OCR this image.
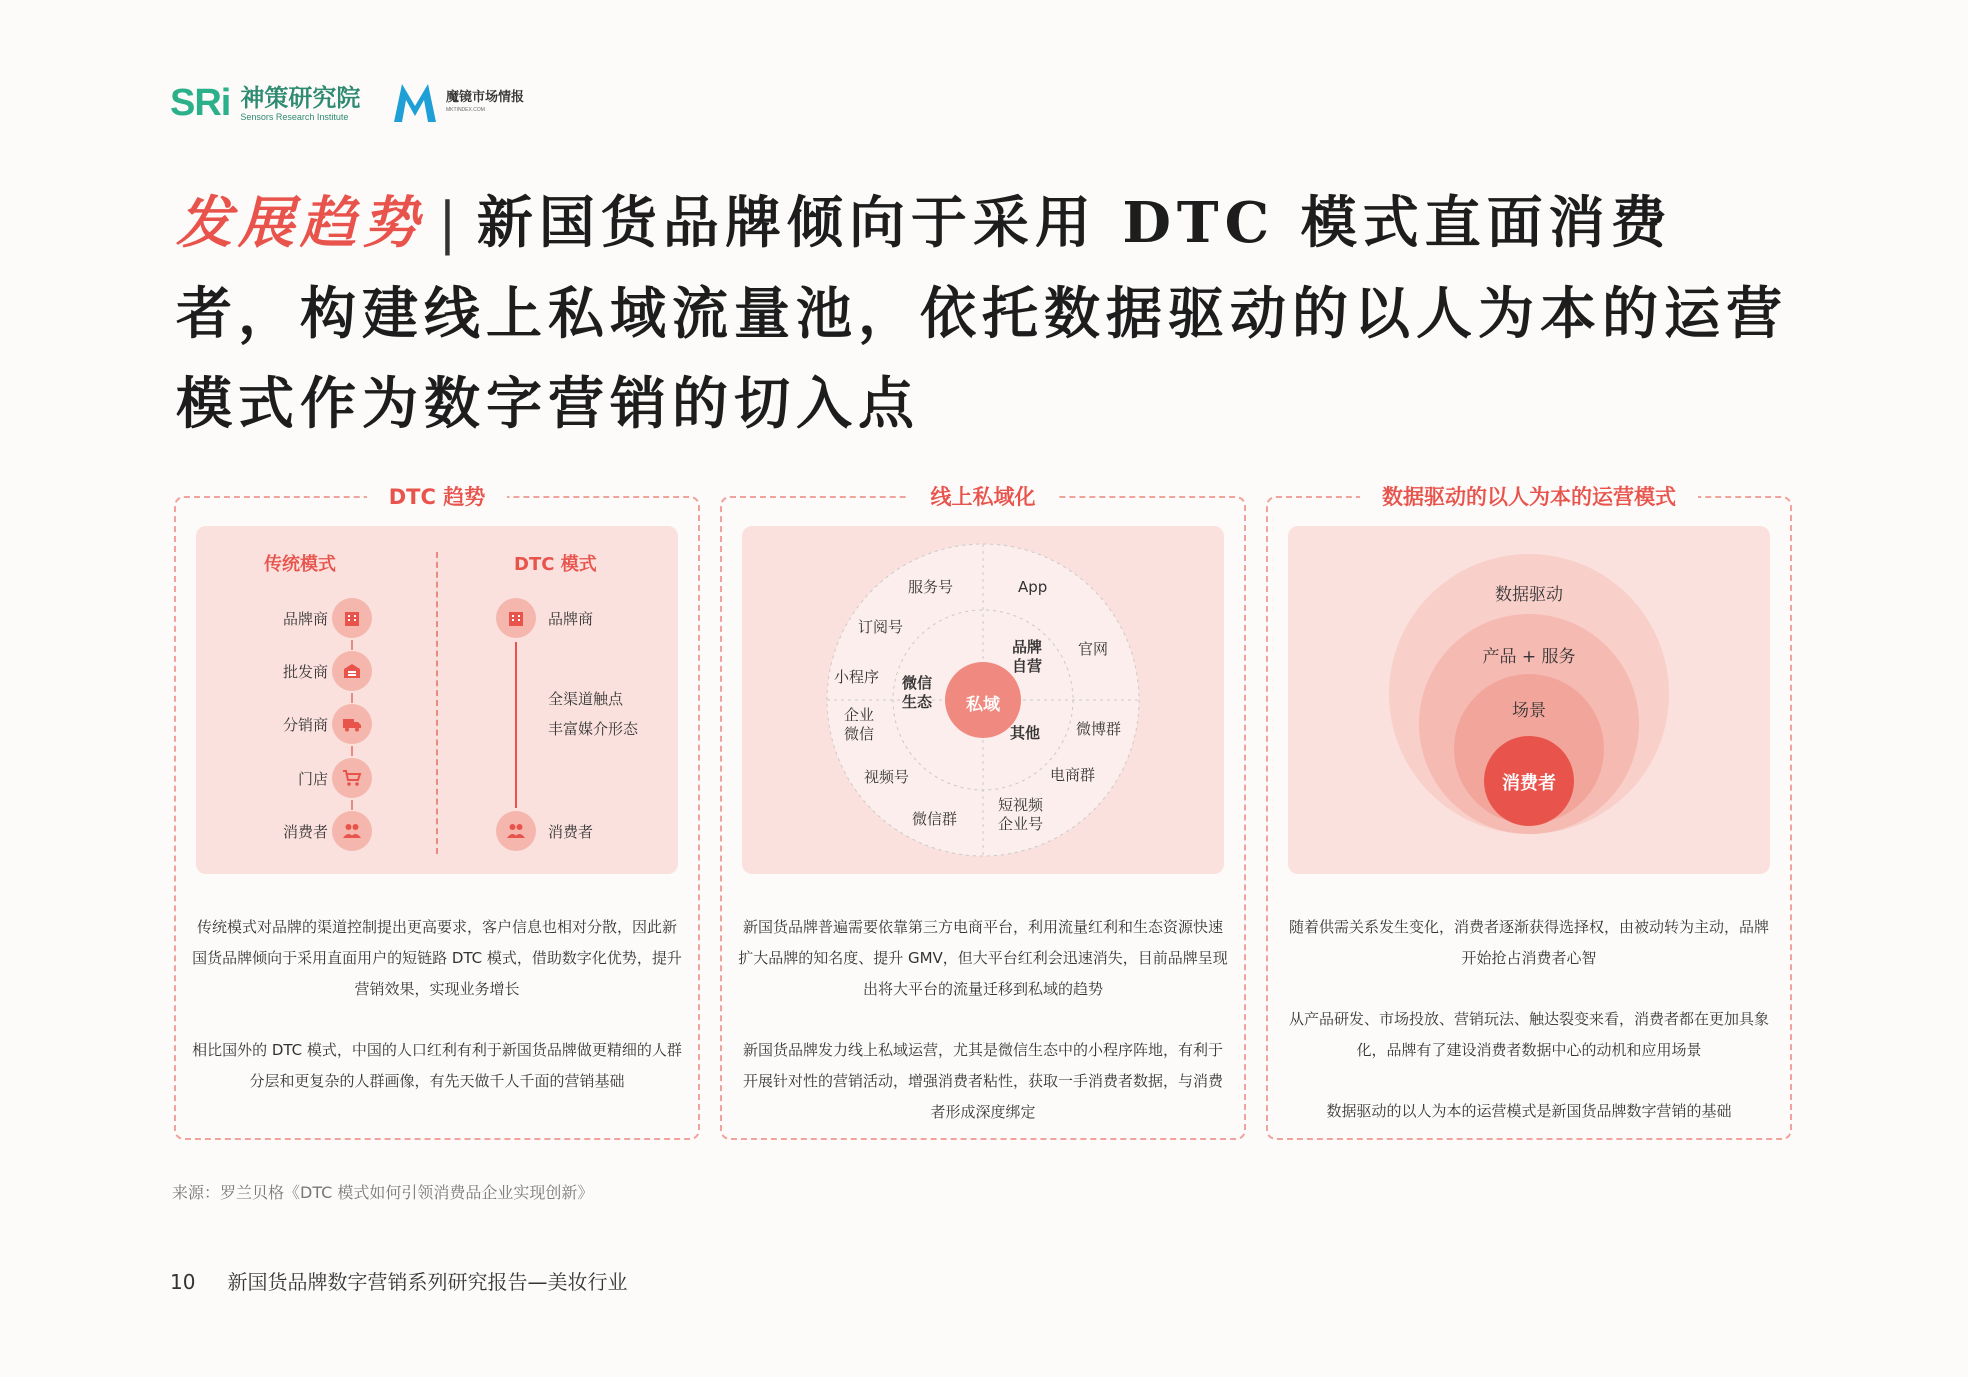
SRi 神策研究院
Sensors Research Institute
魔镜市场情报
MKTINDEX.COM
发展趋势 | 新国货品牌倾向于采用 DTC 模式直面消费者，构建线上私域流量池，依托数据驱动的以人为本的运营模式作为数字营销的切入点
DTC 趋势
传统模式	DTC 模式
品牌商
批发商
分销商
门店
消费者
品牌商
全渠道触点
丰富媒介形态
消费者

传统模式对品牌的渠道控制提出更高要求，客户信息也相对分散，因此新国货品牌倾向于采用直面用户的短链路 DTC 模式，借助数字化优势，提升营销效果，实现业务增长

相比国外的 DTC 模式，中国的人口红利有利于新国货品牌做更精细的人群分层和更复杂的人群画像，有先天做千人千面的营销基础

线上私域化
私域
微信
生态
品牌
自营
其他
服务号	App
订阅号
官网
小程序
企业
微信	微博群
电商群
视频号
微信群
短视频
企业号

新国货品牌普遍需要依靠第三方电商平台，利用流量红利和生态资源快速扩大品牌的知名度、提升 GMV，但大平台红利会迅速消失，目前品牌呈现出将大平台的流量迁移到私域的趋势

新国货品牌发力线上私域运营，尤其是微信生态中的小程序阵地，有利于开展针对性的营销活动，增强消费者粘性，获取一手消费者数据，与消费者形成深度绑定

数据驱动的以人为本的运营模式
数据驱动
产品 + 服务
场景
消费者

随着供需关系发生变化，消费者逐渐获得选择权，由被动转为主动，品牌开始抢占消费者心智

从产品研发、市场投放、营销玩法、触达裂变来看，消费者都在更加具象化，品牌有了建设消费者数据中心的动机和应用场景

数据驱动的以人为本的运营模式是新国货品牌数字营销的基础

来源：罗兰贝格《DTC 模式如何引领消费品企业实现创新》
10 新国货品牌数字营销系列研究报告—美妆行业
